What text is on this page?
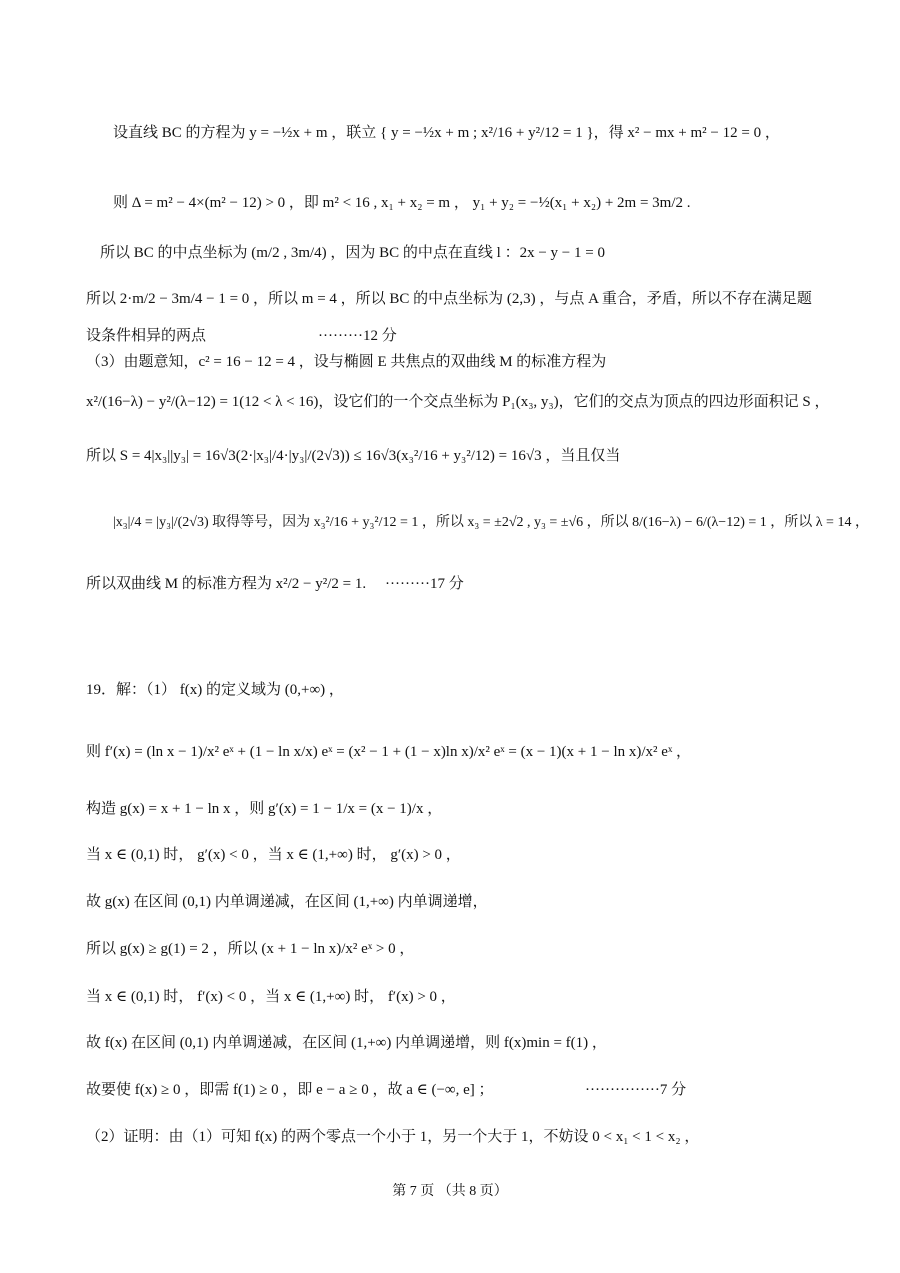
设直线 BC 的方程为 y = −½x + m ，联立 { y = −½x + m ; x²/16 + y²/12 = 1 }，得 x² − mx + m² − 12 = 0 ，
则 Δ = m² − 4×(m² − 12) > 0 ，即 m² < 16 , x₁ + x₂ = m ， y₁ + y₂ = −½(x₁ + x₂) + 2m = 3m/2 .
所以 BC 的中点坐标为 (m/2 , 3m/4) ，因为 BC 的中点在直线 l ：2x − y − 1 = 0
所以 2·m/2 − 3m/4 − 1 = 0 ，所以 m = 4 ，所以 BC 的中点坐标为 (2,3) ，与点 A 重合，矛盾，所以不存在满足题
设条件相异的两点	·········12 分
（3）由题意知，c² = 16 − 12 = 4 ，设与椭圆 E 共焦点的双曲线 M 的标准方程为
x²/(16−λ) − y²/(λ−12) = 1(12 < λ < 16)，设它们的一个交点坐标为 P₁(x₃, y₃)，它们的交点为顶点的四边形面积记 S ，
所以 S = 4|x₃||y₃| = 16√3(2·|x₃|/4·|y₃|/(2√3)) ≤ 16√3(x₃²/16 + y₃²/12) = 16√3 ，当且仅当
|x₃|/4 = |y₃|/(2√3) 取得等号，因为 x₃²/16 + y₃²/12 = 1 ，所以 x₃ = ±2√2 , y₃ = ±√6 ，所以 8/(16−λ) − 6/(λ−12) = 1 ，所以 λ = 14 ，
所以双曲线 M 的标准方程为 x²/2 − y²/2 = 1. ·········17 分
19．解：（1） f(x) 的定义域为 (0,+∞) ，
则 f′(x) = (ln x − 1)/x² eˣ + (1 − ln x/x) eˣ = (x² − 1 + (1 − x)ln x)/x² eˣ = (x − 1)(x + 1 − ln x)/x² eˣ ，
构造 g(x) = x + 1 − ln x ，则 g′(x) = 1 − 1/x = (x − 1)/x ，
当 x ∈ (0,1) 时， g′(x) < 0 ，当 x ∈ (1,+∞) 时， g′(x) > 0 ，
故 g(x) 在区间 (0,1) 内单调递减，在区间 (1,+∞) 内单调递增，
所以 g(x) ≥ g(1) = 2 ，所以 (x + 1 − ln x)/x² eˣ > 0 ，
当 x ∈ (0,1) 时， f′(x) < 0 ，当 x ∈ (1,+∞) 时， f′(x) > 0 ，
故 f(x) 在区间 (0,1) 内单调递减，在区间 (1,+∞) 内单调递增，则 f(x)min = f(1) ，
故要使 f(x) ≥ 0 ，即需 f(1) ≥ 0 ，即 e − a ≥ 0 ，故 a ∈ (−∞, e] ；	···············7 分
（2）证明：由（1）可知 f(x) 的两个零点一个小于 1，另一个大于 1，不妨设 0 < x₁ < 1 < x₂ ，
第 7 页 （共 8 页）
